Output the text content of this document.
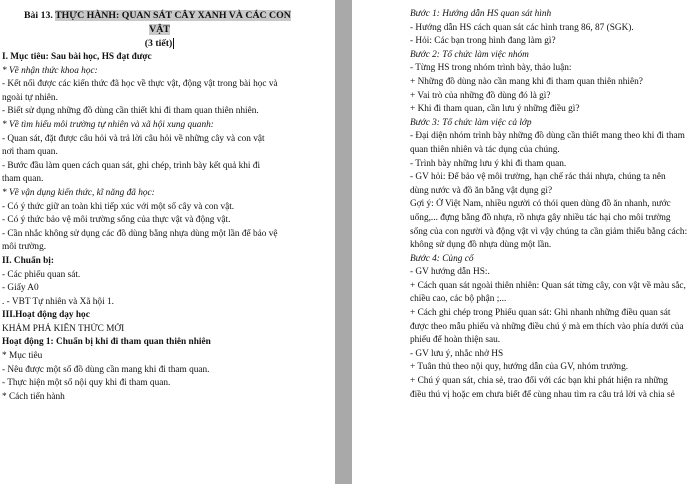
Bài 13. THỰC HÀNH: QUAN SÁT CÂY XANH VÀ CÁC CON
VẬT
(3 tiết)
I. Mục tiêu: Sau bài học, HS đạt được
* Về nhận thức khoa học:
- Kết nối được các kiến thức đã học về thực vật, động vật trong bài học và
ngoài tự nhiên.
- Biết sử dụng những đồ dùng cần thiết khi đi tham quan thiên nhiên.
* Về tìm hiểu môi trường tự nhiên và xã hội xung quanh:
- Quan sát, đặt được câu hỏi và trả lời câu hỏi về những cây và con vật
nơi tham quan.
- Bước đầu làm quen cách quan sát, ghi chép, trình bày kết quả khi đi
tham quan.
* Về vận dụng kiến thức, kĩ năng đã học:
- Có ý thức giữ an toàn khi tiếp xúc với một số cây và con vật.
- Có ý thức bảo vệ môi trường sống của thực vật và động vật.
- Cần nhắc không sử dụng các đồ dùng bằng nhựa dùng một lần để bảo vệ
môi trường.
II. Chuẩn bị:
- Các phiếu quan sát.
- Giấy A0
. - VBT Tự nhiên và Xã hội 1.
III.Hoạt động dạy học
KHÁM PHÁ KIẾN THỨC MỚI
Hoạt động 1: Chuẩn bị khi đi tham quan thiên nhiên
* Mục tiêu
- Nêu được một số đồ dùng cần mang khi đi tham quan.
- Thực hiện một số nội quy khi đi tham quan.
* Cách tiến hành
Bước 1: Hướng dẫn HS quan sát hình
- Hướng dẫn HS cách quan sát các hình trang 86, 87 (SGK).
- Hỏi: Các bạn trong hình đang làm gì?
Bước 2: Tổ chức làm việc nhóm
- Từng HS trong nhóm trình bày, thảo luận:
+ Những đồ dùng nào cần mang khi đi tham quan thiên nhiên?
+ Vai trò của những đồ dùng đó là gì?
+ Khi đi tham quan, cần lưu ý những điều gì?
Bước 3: Tổ chức làm việc cả lớp
- Đại diện nhóm trình bày những đồ dùng cần thiết mang theo khi đi tham
quan thiên nhiên và tác dụng của chúng.
- Trình bày những lưu ý khi đi tham quan.
- GV hỏi: Để bảo vệ môi trường, hạn chế rác thải nhựa, chúng ta nên
dùng nước và đồ ăn bằng vật dụng gì?
Gợi ý: Ở Việt Nam, nhiều người có thói quen dùng đồ ăn nhanh, nước
uống,... đựng bằng đồ nhựa, rồ nhựa gây nhiều tác hại cho môi trường
sống của con người và động vật vì vậy chúng ta cần giảm thiểu bằng cách:
không sử dụng đồ nhựa dùng một lần.
Bước 4: Củng cố
- GV hướng dẫn HS:.
+ Cách quan sát ngoài thiên nhiên: Quan sát từng cây, con vật về màu sắc,
chiều cao, các bộ phận ;...
+ Cách ghi chép trong Phiếu quan sát: Ghi nhanh những điều quan sát
được theo mẫu phiếu và những điều chú ý mà em thích vào phía dưới của
phiếu để hoàn thiện sau.
- GV lưu ý, nhắc nhở HS
+ Tuân thủ theo nội quy, hướng dẫn của GV, nhóm trưởng.
+ Chú ý quan sát, chia sẻ, trao đổi với các bạn khi phát hiện ra những
điều thú vị hoặc em chưa biết để cùng nhau tìm ra câu trả lời và chia sẻ
